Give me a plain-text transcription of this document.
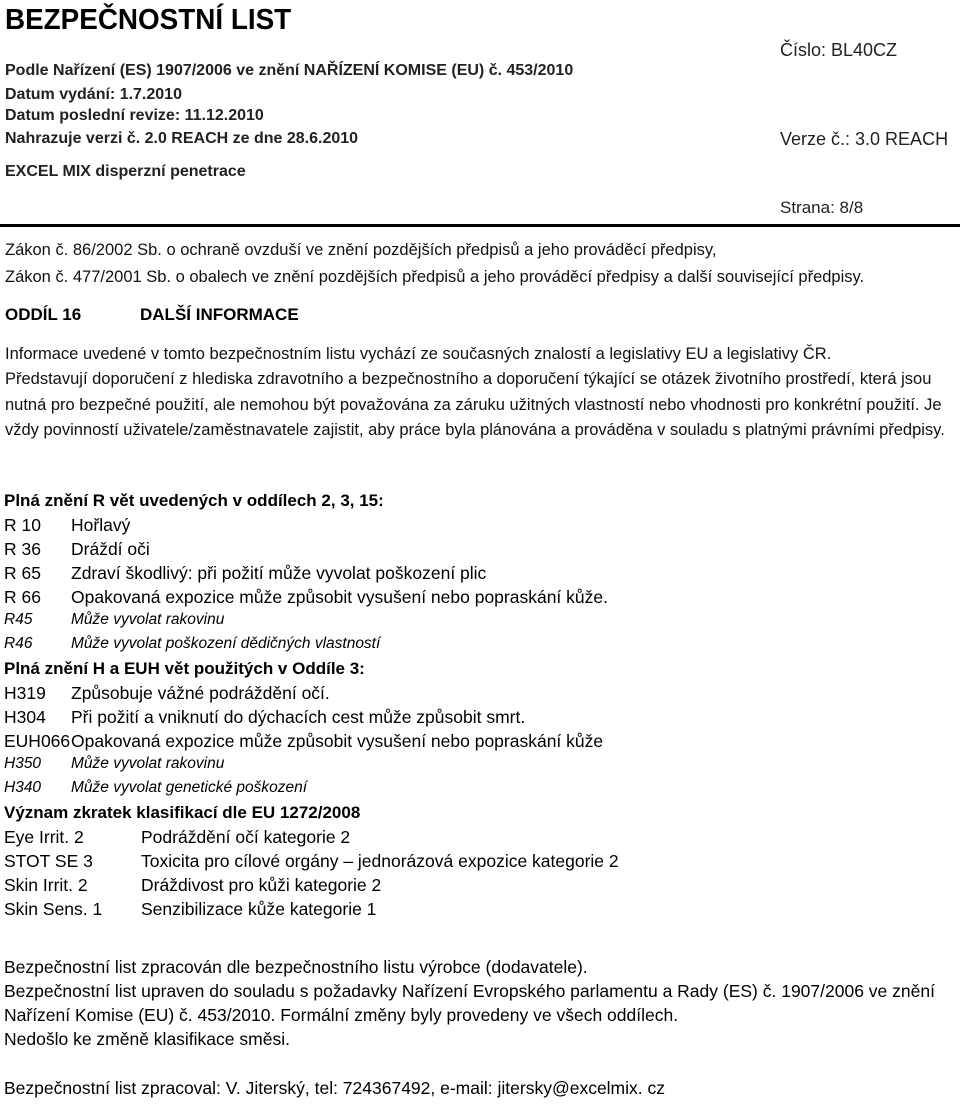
BEZPEČNOSTNÍ LIST
Podle Nařízení (ES) 1907/2006 ve znění NAŘÍZENÍ KOMISE (EU) č. 453/2010
Datum vydání: 1.7.2010
Datum poslední revize: 11.12.2010
Nahrazuje verzi č. 2.0 REACH ze dne 28.6.2010
EXCEL MIX disperzní penetrace
Číslo: BL40CZ
Verze č.: 3.0 REACH
Strana: 8/8
Zákon č. 86/2002 Sb. o ochraně ovzduší ve znění pozdějších předpisů a jeho prováděcí předpisy,
Zákon č. 477/2001 Sb. o obalech ve znění pozdějších předpisů a jeho prováděcí předpisy a další související předpisy.
ODDÍL 16	DALŠÍ INFORMACE
Informace uvedené v tomto bezpečnostním listu vychází ze současných znalostí a legislativy EU a legislativy ČR.
Představují doporučení z hlediska zdravotního a bezpečnostního a doporučení týkající se otázek životního prostředí, která jsou nutná pro bezpečné použití, ale nemohou být považována za záruku užitných vlastností nebo vhodnosti pro konkrétní použití. Je vždy povinností uživatele/zaměstnavatele zajistit, aby práce byla plánována a prováděna v souladu s platnými právními předpisy.
Plná znění R vět uvedených v oddílech 2, 3, 15:
R 10 Hořlavý
R 36 Dráždí oči
R 65 Zdraví škodlivý: při požití může vyvolat poškození plic
R 66 Opakovaná expozice může způsobit vysušení nebo popraskání kůže.
R45 Může vyvolat rakovinu
R46 Může vyvolat poškození dědičných vlastností
Plná znění H a EUH vět použitých v Oddíle 3:
H319 Způsobuje vážné podráždění očí.
H304 Při požití a vniknutí do dýchacích cest může způsobit smrt.
EUH066 Opakovaná expozice může způsobit vysušení nebo popraskání kůže
H350 Může vyvolat rakovinu
H340 Může vyvolat genetické poškození
Význam zkratek klasifikací dle EU 1272/2008
Eye Irrit. 2	Podráždění očí kategorie 2
STOT SE 3	Toxicita pro cílové orgány – jednorázová expozice kategorie 2
Skin Irrit. 2	Dráždivost pro kůži kategorie 2
Skin Sens. 1 Senzibilizace kůže kategorie 1
Bezpečnostní list zpracován dle bezpečnostního listu výrobce (dodavatele).
Bezpečnostní list upraven do souladu s požadavky Nařízení Evropského parlamentu a Rady (ES) č. 1907/2006 ve znění
Nařízení Komise (EU) č. 453/2010. Formální změny byly provedeny ve všech oddílech.
Nedošlo ke změně klasifikace směsi.
Bezpečnostní list zpracoval: V. Jiterský, tel: 724367492, e-mail: jitersky@excelmix. cz
